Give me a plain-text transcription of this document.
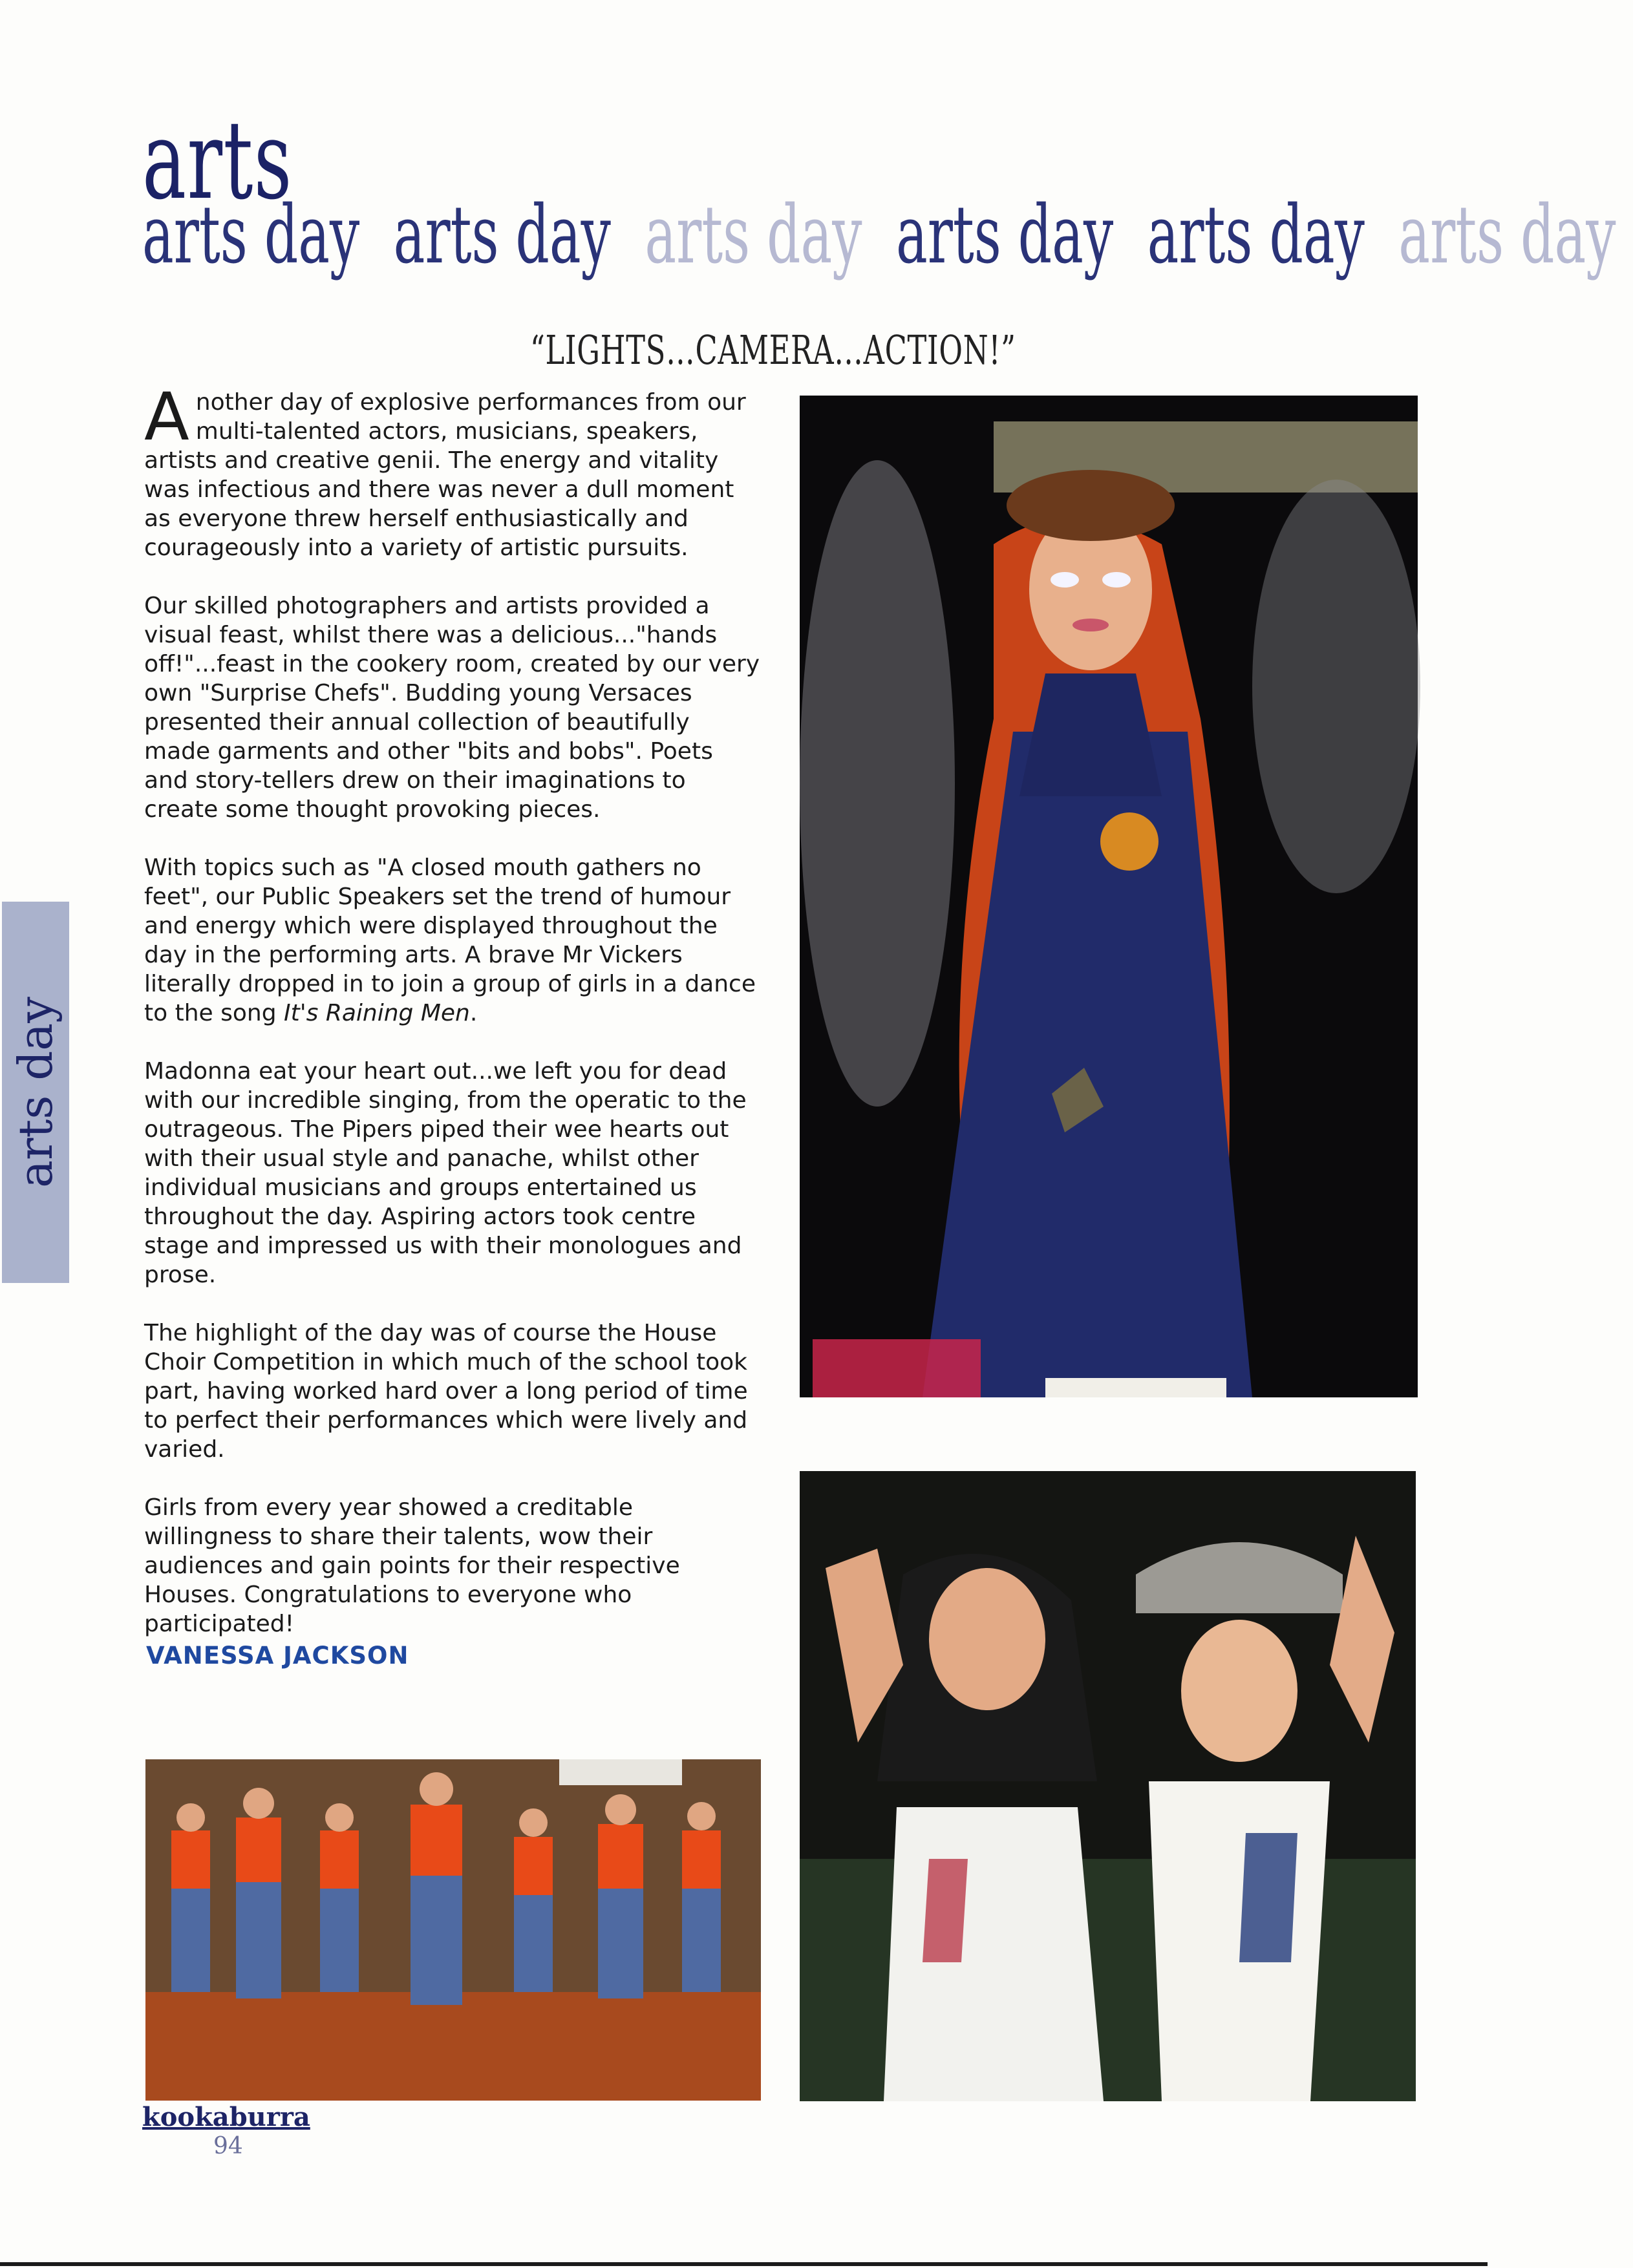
arts
arts day arts day arts day arts day arts day arts day
“LIGHTS…CAMERA…ACTION!”
arts day

Another day of explosive performances from our multi-talented actors, musicians, speakers, artists and creative genii. The energy and vitality was infectious and there was never a dull moment as everyone threw herself enthusiastically and courageously into a variety of artistic pursuits.

Our skilled photographers and artists provided a visual feast, whilst there was a delicious..."hands off!"...feast in the cookery room, created by our very own "Surprise Chefs". Budding young Versaces presented their annual collection of beautifully made garments and other "bits and bobs". Poets and story-tellers drew on their imaginations to create some thought provoking pieces.

With topics such as "A closed mouth gathers no feet", our Public Speakers set the trend of humour and energy which were displayed throughout the day in the performing arts. A brave Mr Vickers literally dropped in to join a group of girls in a dance to the song It's Raining Men.

Madonna eat your heart out...we left you for dead with our incredible singing, from the operatic to the outrageous. The Pipers piped their wee hearts out with their usual style and panache, whilst other individual musicians and groups entertained us throughout the day. Aspiring actors took centre stage and impressed us with their monologues and prose.

The highlight of the day was of course the House Choir Competition in which much of the school took part, having worked hard over a long period of time to perfect their performances which were lively and varied.

Girls from every year showed a creditable willingness to share their talents, wow their audiences and gain points for their respective Houses. Congratulations to everyone who participated!

VANESSA JACKSON
kookaburra
94
